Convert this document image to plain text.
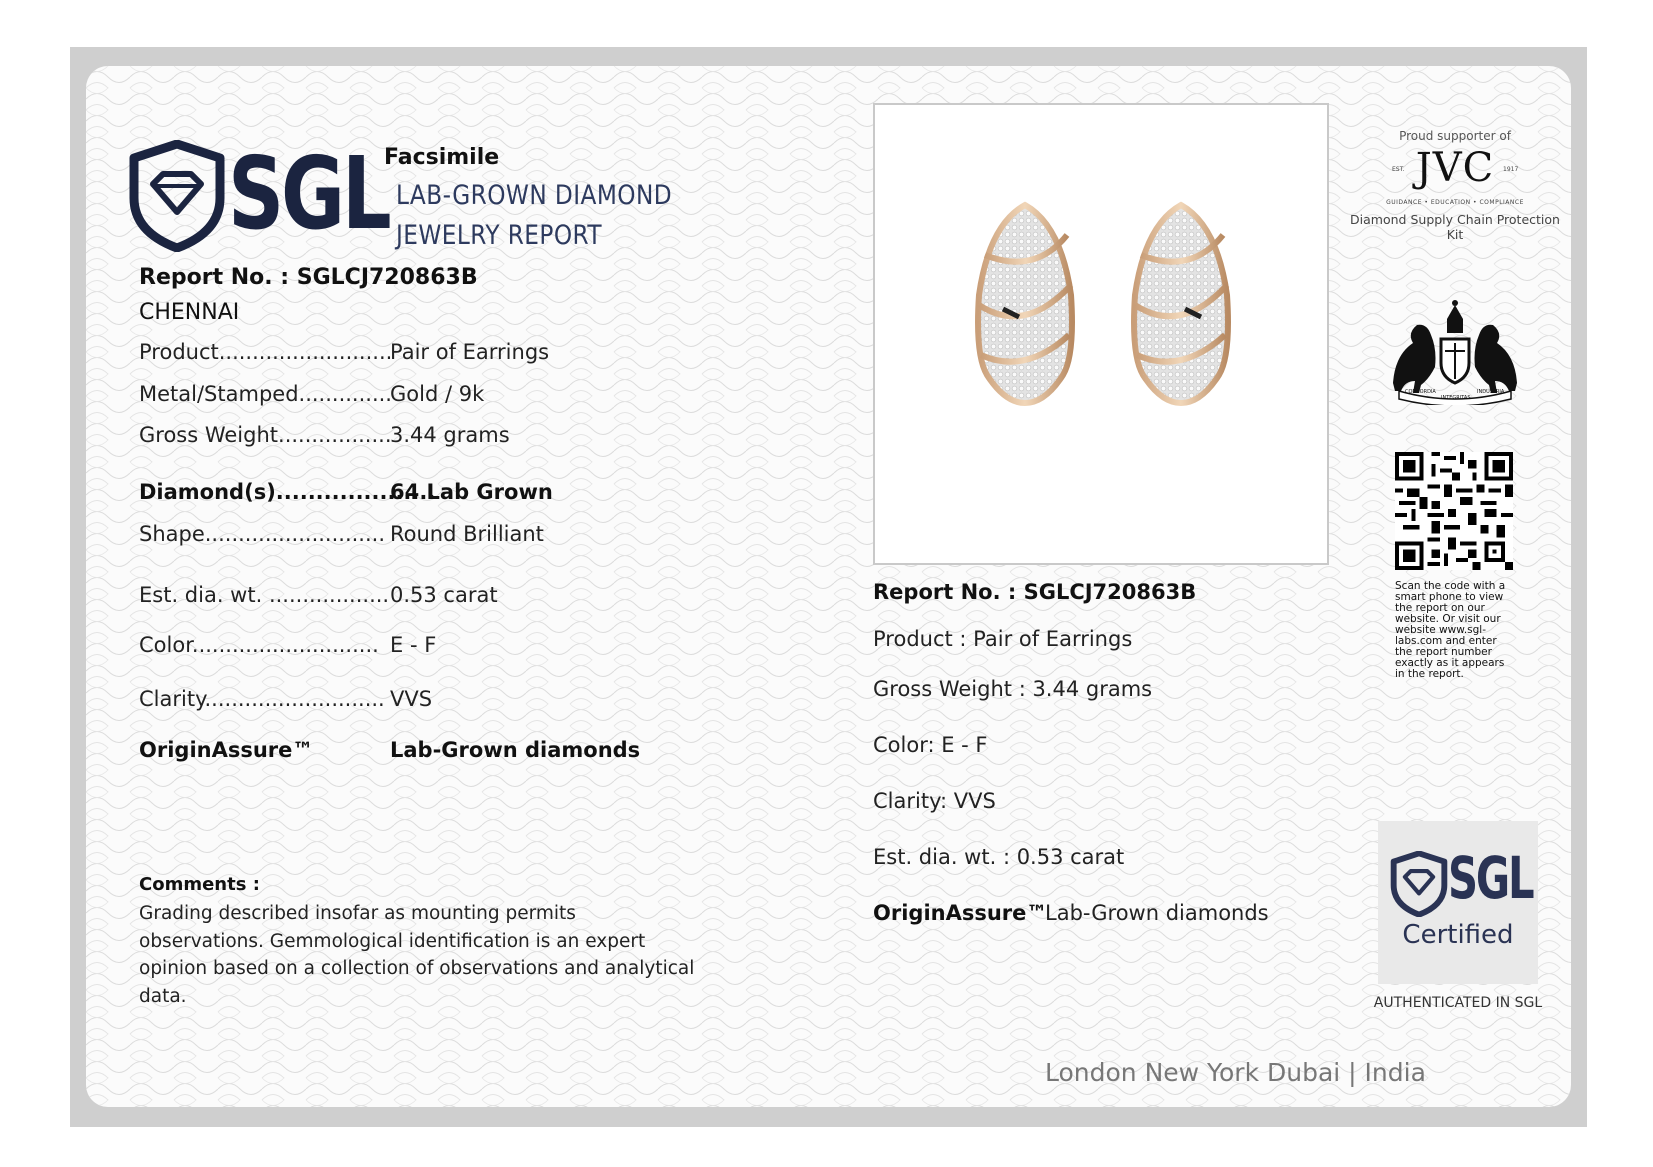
SGL
Facsimile
LAB-GROWN DIAMOND
JEWELRY REPORT
Report No. : SGLCJ720863B
CHENNAI
Product..........................
Pair of Earrings
Metal/Stamped..............
Gold / 9k
Gross Weight.................
3.44 grams
Diamond(s)....................
64 Lab Grown
Shape........................... Round Brilliant
Est. dia. wt. .................. 0.53 carat
Color............................ E - F
Clarity........................... VVS
OriginAssure™	Lab-Grown diamonds
Comments :
Grading described insofar as mounting permits observations. Gemmological identification is an expert opinion based on a collection of observations and analytical data.
Report No. : SGLCJ720863B
Product : Pair of Earrings
Gross Weight : 3.44 grams
Color: E - F
Clarity: VVS
Est. dia. wt. : 0.53 carat
OriginAssure™
Lab-Grown diamonds
Proud supporter of
JVC
EST.	1917
GUIDANCE • EDUCATION • COMPLIANCE
Diamond Supply Chain Protection Kit
CONCORDIA
INTEGRITAS
INDUSTRIA
Scan the code with a smart phone to view the report on our website. Or visit our website www.sgl-labs.com and enter the report number exactly as it appears in the report.
SGL
Certified
AUTHENTICATED IN SGL
London New York Dubai | India
